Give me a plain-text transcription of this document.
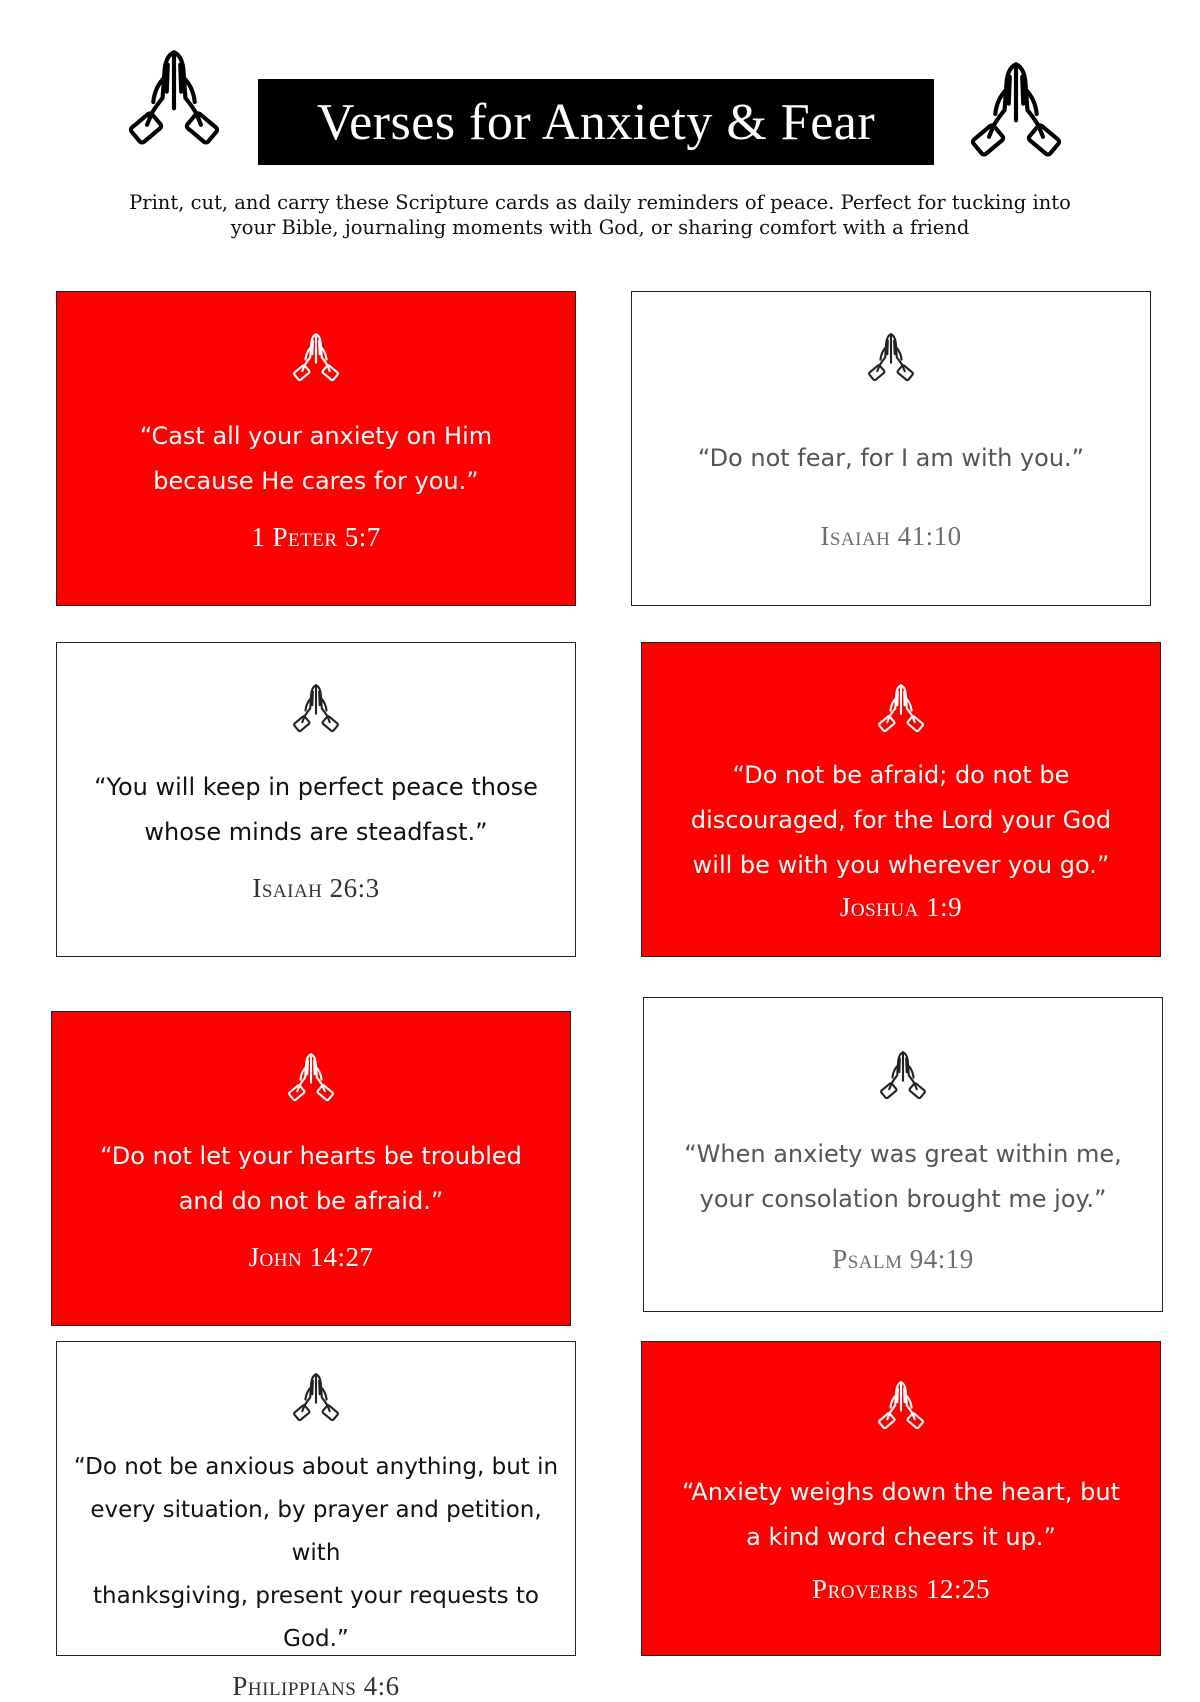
Verses for Anxiety & Fear
Print, cut, and carry these Scripture cards as daily reminders of peace. Perfect for tucking into
your Bible, journaling moments with God, or sharing comfort with a friend
“Cast all your anxiety on Him
because He cares for you.”
1 Peter 5:7
“Do not fear, for I am with you.”
Isaiah 41:10
“You will keep in perfect peace those
whose minds are steadfast.”
Isaiah 26:3
“Do not be afraid; do not be
discouraged, for the Lord your God
will be with you wherever you go.”
Joshua 1:9
“Do not let your hearts be troubled
and do not be afraid.”
John 14:27
“When anxiety was great within me,
your consolation brought me joy.”
Psalm 94:19
“Do not be anxious about anything, but in
every situation, by prayer and petition, with
thanksgiving, present your requests to God.”
Philippians 4:6
“Anxiety weighs down the heart, but
a kind word cheers it up.”
Proverbs 12:25
